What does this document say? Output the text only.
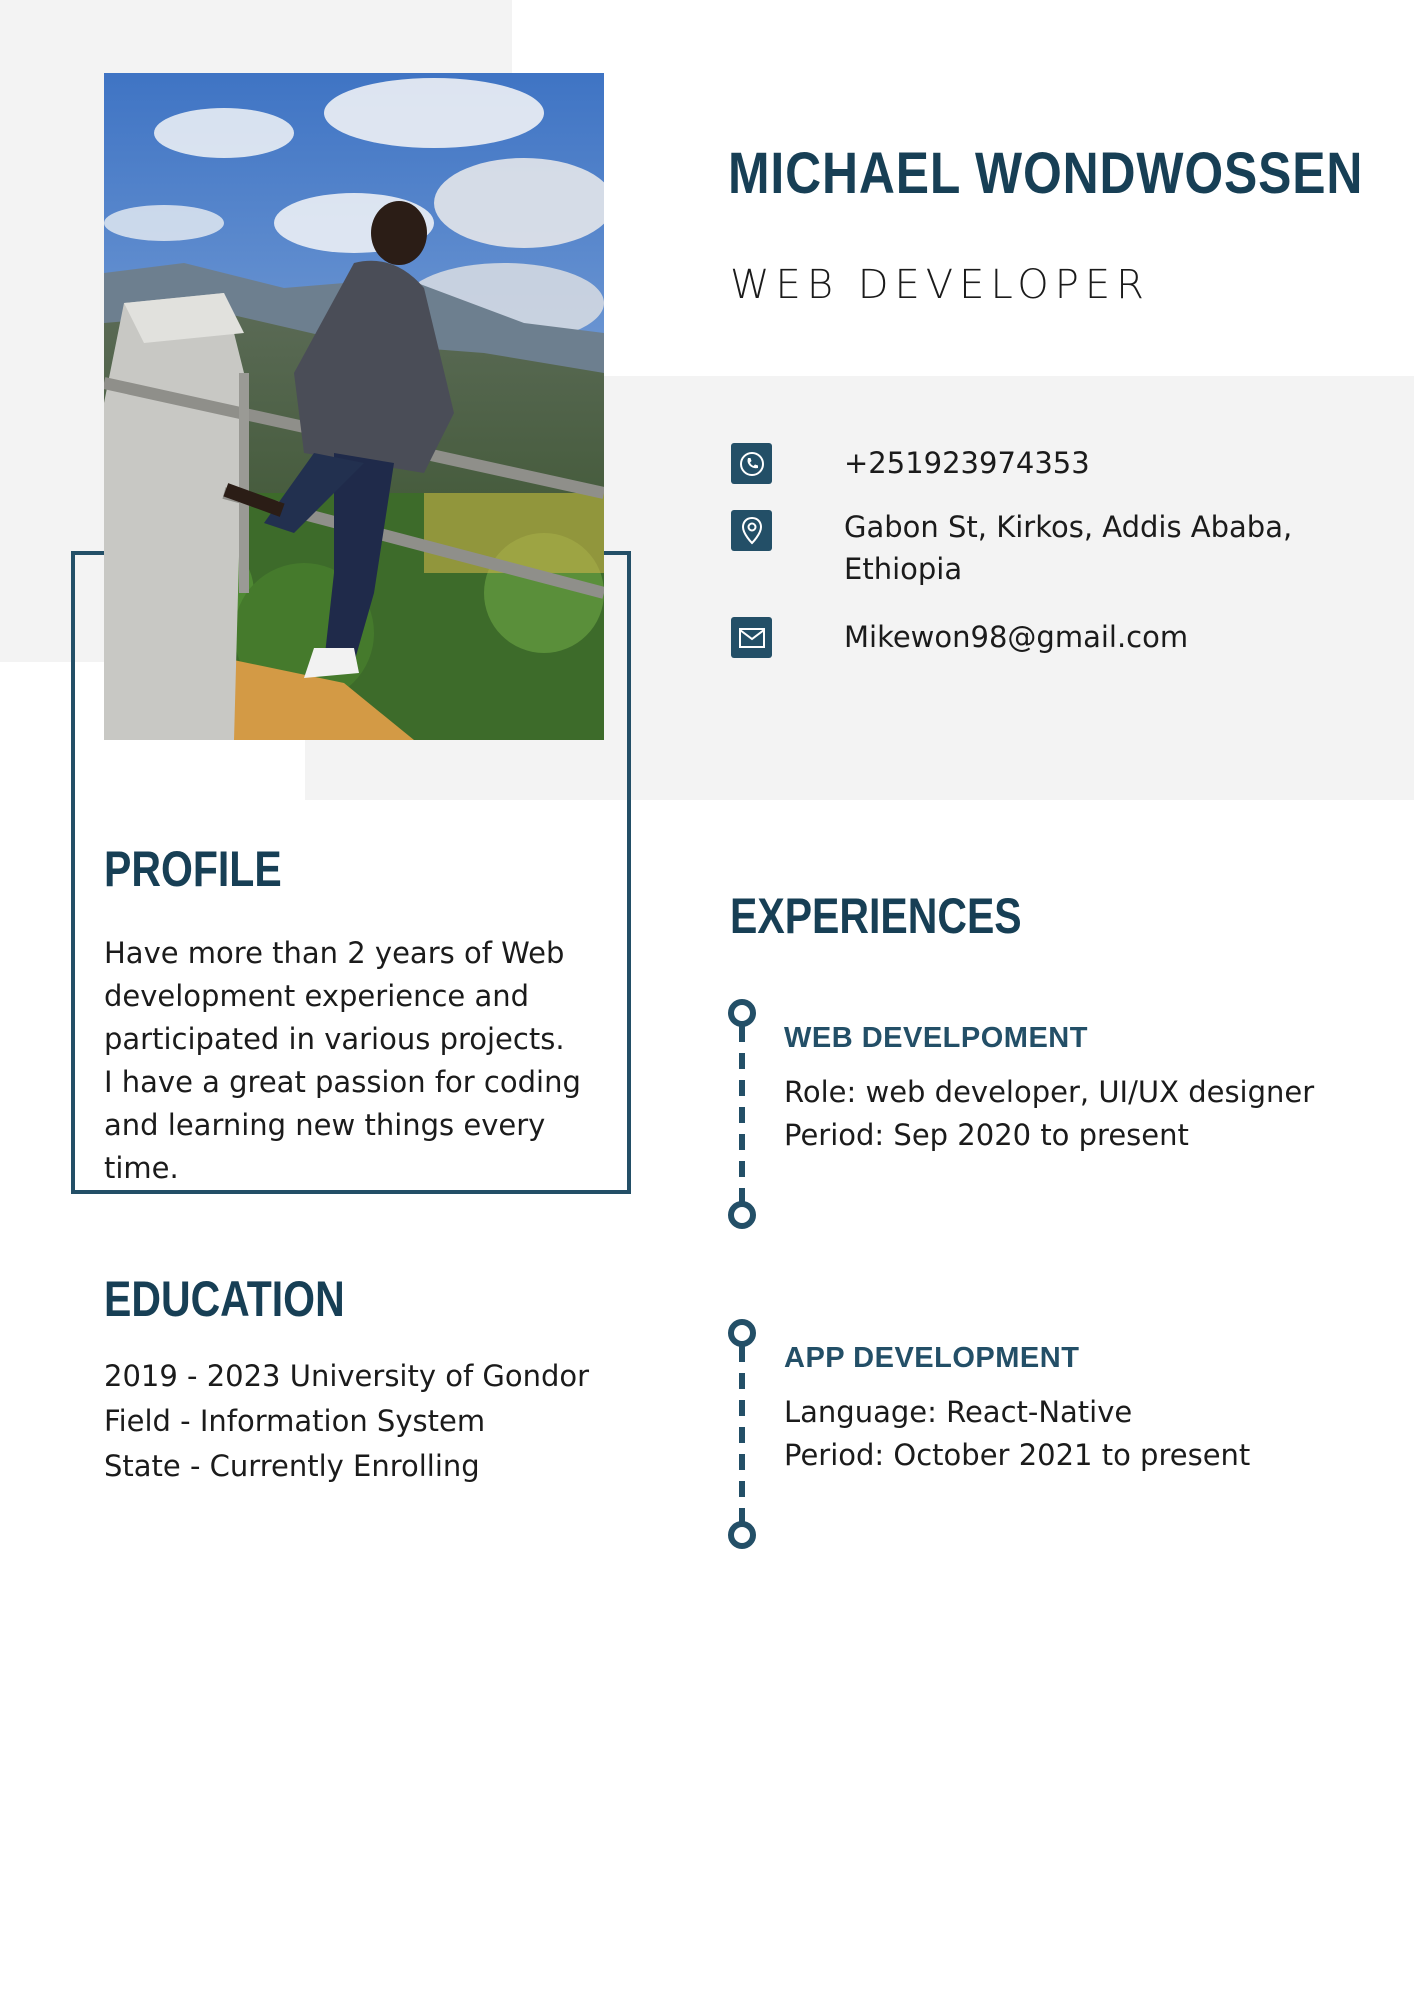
MICHAEL WONDWOSSEN
WEB DEVELOPER
+251923974353
Gabon St, Kirkos, Addis Ababa, Ethiopia
Mikewon98@gmail.com
PROFILE

Have more than 2 years of Web development experience and participated in various projects.

I have a great passion for coding and learning new things every time.

EDUCATION
2019 - 2023 University of Gondor
Field - Information System
State - Currently Enrolling
EXPERIENCES
WEB DEVELPOMENT
Role: web developer, UI/UX designer
Period: Sep 2020 to present
APP DEVELOPMENT
Language: React-Native
Period: October 2021 to present
